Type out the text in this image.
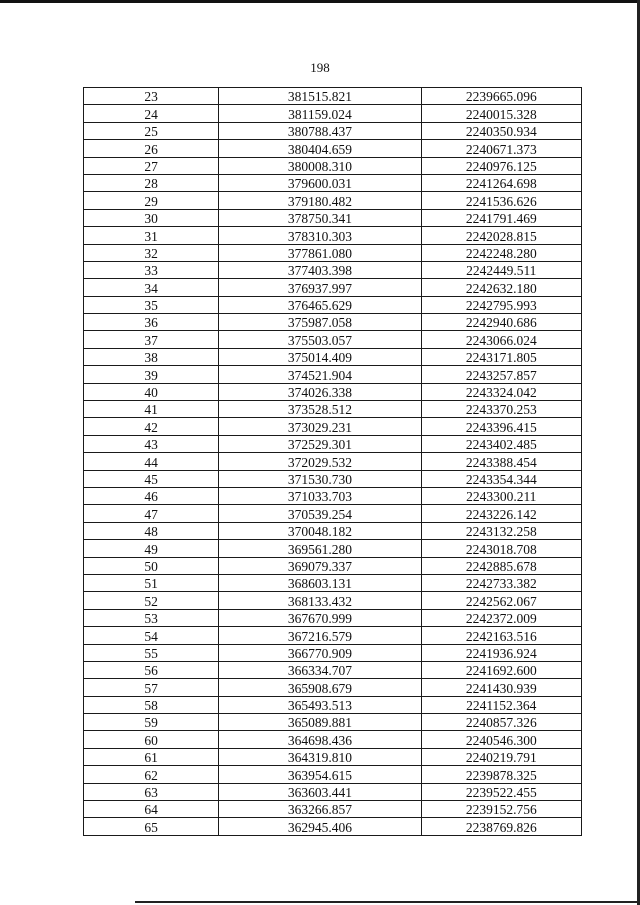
198
23	381515.821	2239665.096
24	381159.024	2240015.328
25	380788.437	2240350.934
26	380404.659	2240671.373
27	380008.310	2240976.125
28	379600.031	2241264.698
29	379180.482	2241536.626
30	378750.341	2241791.469
31	378310.303	2242028.815
32	377861.080	2242248.280
33	377403.398	2242449.511
34	376937.997	2242632.180
35	376465.629	2242795.993
36	375987.058	2242940.686
37	375503.057	2243066.024
38	375014.409	2243171.805
39	374521.904	2243257.857
40	374026.338	2243324.042
41	373528.512	2243370.253
42	373029.231	2243396.415
43	372529.301	2243402.485
44	372029.532	2243388.454
45	371530.730	2243354.344
46	371033.703	2243300.211
47	370539.254	2243226.142
48	370048.182	2243132.258
49	369561.280	2243018.708
50	369079.337	2242885.678
51	368603.131	2242733.382
52	368133.432	2242562.067
53	367670.999	2242372.009
54	367216.579	2242163.516
55	366770.909	2241936.924
56	366334.707	2241692.600
57	365908.679	2241430.939
58	365493.513	2241152.364
59	365089.881	2240857.326
60	364698.436	2240546.300
61	364319.810	2240219.791
62	363954.615	2239878.325
63	363603.441	2239522.455
64	363266.857	2239152.756
65	362945.406	2238769.826
